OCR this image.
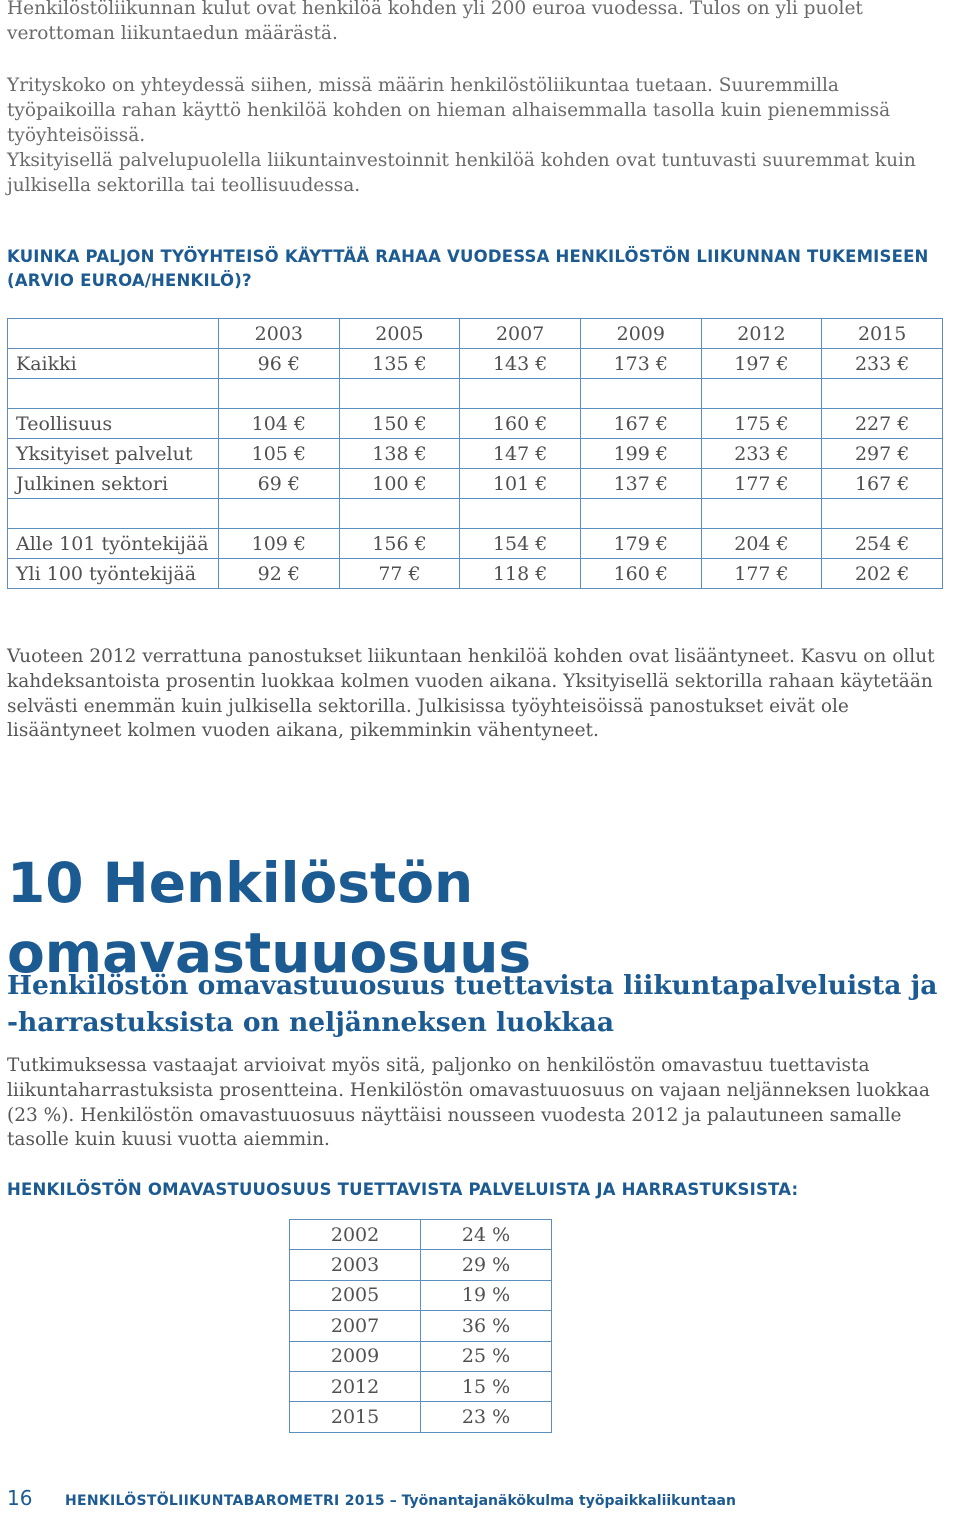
Henkilöstöliikunnan kulut ovat henkilöä kohden yli 200 euroa vuodessa. Tulos on yli puolet verottoman liikuntaedun määrästä.

Yrityskoko on yhteydessä siihen, missä määrin henkilöstöliikuntaa tuetaan. Suuremmilla työpaikoilla rahan käyttö henkilöä kohden on hieman alhaisemmalla tasolla kuin pienemmissä työyhteisöissä.

Yksityisellä palvelupuolella liikuntainvestoinnit henkilöä kohden ovat tuntuvasti suuremmat kuin julkisella sektorilla tai teollisuudessa.

KUINKA PALJON TYÖYHTEISÖ KÄYTTÄÄ RAHAA VUODESSA HENKILÖSTÖN LIIKUNNAN TUKEMISEEN (ARVIO EUROA/HENKILÖ)?
	2003	2005	2007	2009	2012	2015
Kaikki	96 €	135 €	143 €	173 €	197 €	233 €

Teollisuus	104 €	150 €	160 €	167 €	175 €	227 €
Yksityiset palvelut	105 €	138 €	147 €	199 €	233 €	297 €
Julkinen sektori	69 €	100 €	101 €	137 €	177 €	167 €

Alle 101 työntekijää	109 €	156 €	154 €	179 €	204 €	254 €
Yli 100 työntekijää	92 €	77 €	118 €	160 €	177 €	202 €

Vuoteen 2012 verrattuna panostukset liikuntaan henkilöä kohden ovat lisääntyneet. Kasvu on ollut kahdeksantoista prosentin luokkaa kolmen vuoden aikana. Yksityisellä sektorilla rahaan käytetään selvästi enemmän kuin julkisella sektorilla. Julkisissa työyhteisöissä panostukset eivät ole lisääntyneet kolmen vuoden aikana, pikemminkin vähentyneet.

10 Henkilöstön omavastuuosuus
Henkilöstön omavastuuosuus tuettavista liikuntapalveluista ja -harrastuksista on neljänneksen luokkaa

Tutkimuksessa vastaajat arvioivat myös sitä, paljonko on henkilöstön omavastuu tuettavista liikuntaharrastuksista prosentteina. Henkilöstön omavastuuosuus on vajaan neljänneksen luokkaa (23 %). Henkilöstön omavastuuosuus näyttäisi nousseen vuodesta 2012 ja palautuneen samalle tasolle kuin kuusi vuotta aiemmin.

HENKILÖSTÖN OMAVASTUUOSUUS TUETTAVISTA PALVELUISTA JA HARRASTUKSISTA:
2002	24 %
2003	29 %
2005	19 %
2007	36 %
2009	25 %
2012	15 %
2015	23 %
16 HENKILÖSTÖLIIKUNTABAROMETRI 2015 – Työnantajanäkökulma työpaikkaliikuntaan
